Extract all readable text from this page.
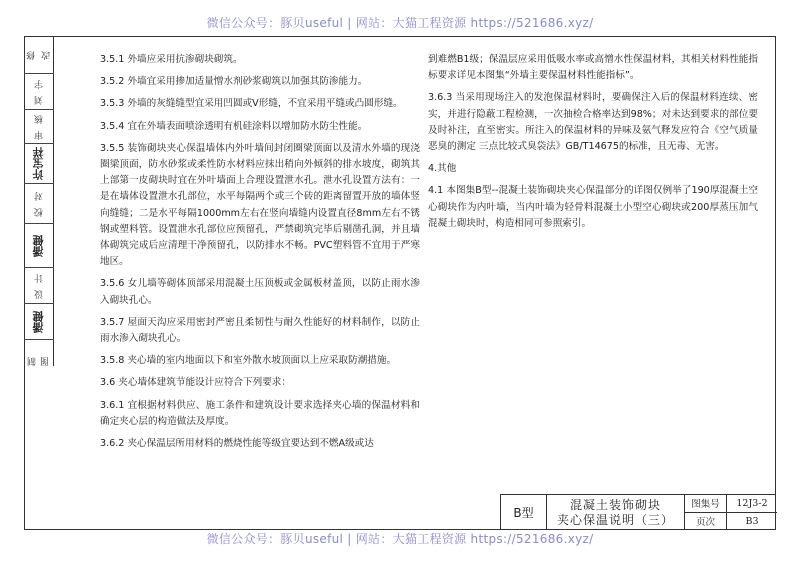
微信公众号：豚贝useful | 网站：大猫工程资源 https://521686.xyz/
修 改
刘 宇
审 核
许宝祥
校 对
潘健
设 计
潘健
制 图

3.5.1 外墙应采用抗渗砌块砌筑。

3.5.2 外墙宜采用掺加适量憎水剂砂浆砌筑以加强其防渗能力。

3.5.3 外墙的灰缝缝型宜采用凹圆或V形缝，不宜采用平缝或凸圆形缝。

3.5.4 宜在外墙表面喷涂透明有机硅涂料以增加防水防尘性能。

3.5.5 装饰砌块夹心保温墙体内外叶墙间封闭圈梁顶面以及清水外墙的现浇圈梁顶面，防水砂浆或柔性防水材料应抹出稍向外倾斜的排水坡度，砌筑其上部第一皮砌块时宜在外叶墙面上合理设置泄水孔。泄水孔设置方法有：一是在墙体设置泄水孔部位，水平每隔两个或三个砖的距离留置开放的墙体竖向缝缝；二是水平每隔1000mm左右在竖向墙缝内设置直径8mm左右不锈钢或塑料管。设置泄水孔部位应预留孔，严禁砌筑完毕后剔凿孔洞，并且墙体砌筑完成后应清理干净预留孔，以防排水不畅。PVC塑料管不宜用于严寒地区。

3.5.6 女儿墙等砌体顶部采用混凝土压顶板或金属板材盖顶，以防止雨水渗入砌块孔心。

3.5.7 屋面天沟应采用密封严密且柔韧性与耐久性能好的材料制作，以防止雨水渗入砌块孔心。

3.5.8 夹心墙的室内地面以下和室外散水坡顶面以上应采取防潮措施。

3.6 夹心墙体建筑节能设计应符合下列要求：

3.6.1 宜根据材料供应、施工条件和建筑设计要求选择夹心墙的保温材料和确定夹心层的构造做法及厚度。

3.6.2 夹心保温层所用材料的燃烧性能等级宜要达到不燃A级或达

到难燃B1级；保温层应采用低吸水率或高憎水性保温材料，其相关材料性能指标要求详见本图集“外墙主要保温材料性能指标”。

3.6.3 当采用现场注入的发泡保温材料时，要确保注入后的保温材料连续、密实，并进行隐蔽工程检测，一次抽检合格率达到98%；对未达到要求的部位要及时补注，直至密实。所注入的保温材料的异味及氨气释发应符合《空气质量 恶臭的测定 三点比较式臭袋法》GB/T14675的标准，且无毒、无害。

4.其他

4.1 本图集B型--混凝土装饰砌块夹心保温部分的详图仅例举了190厚混凝土空心砌块作为内叶墙，当内叶墙为轻骨料混凝土小型空心砌块或200厚蒸压加气混凝土砌块时，构造相同可参照索引。

B型
混凝土装饰砌块
夹心保温说明（三）
图集号	12J3-2
页次	B3
微信公众号：豚贝useful | 网站：大猫工程资源 https://521686.xyz/
